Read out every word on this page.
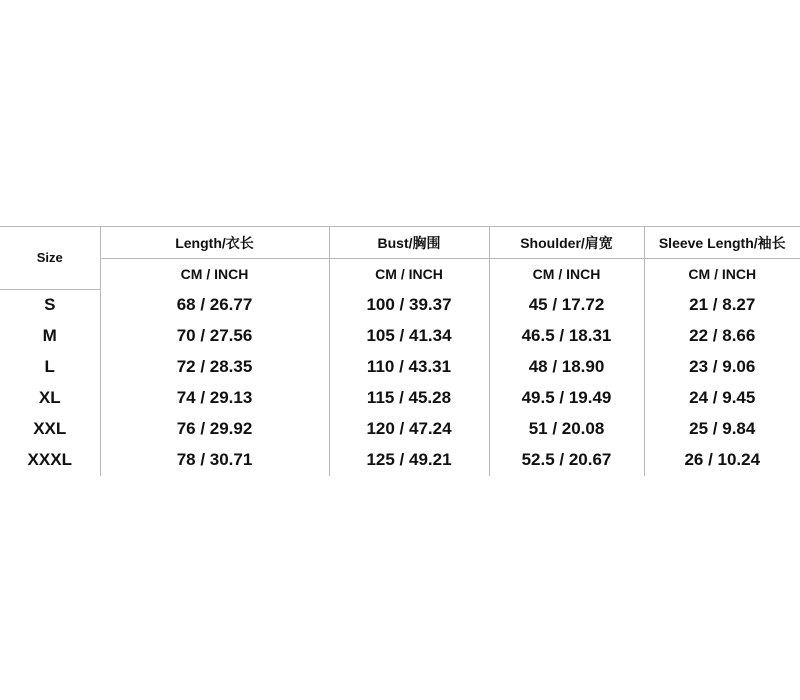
Size	Length/衣长	Bust/胸围	Shoulder/肩宽	Sleeve Length/袖长
	CM / INCH	CM / INCH	CM / INCH	CM / INCH
S	68 / 26.77	100 / 39.37	45 / 17.72	21 / 8.27
M	70 / 27.56	105 / 41.34	46.5 / 18.31	22 / 8.66
L	72 / 28.35	110 / 43.31	48 / 18.90	23 / 9.06
XL	74 / 29.13	115 / 45.28	49.5 / 19.49	24 / 9.45
XXL	76 / 29.92	120 / 47.24	51 / 20.08	25 / 9.84
XXXL	78 / 30.71	125 / 49.21	52.5 / 20.67	26 / 10.24
